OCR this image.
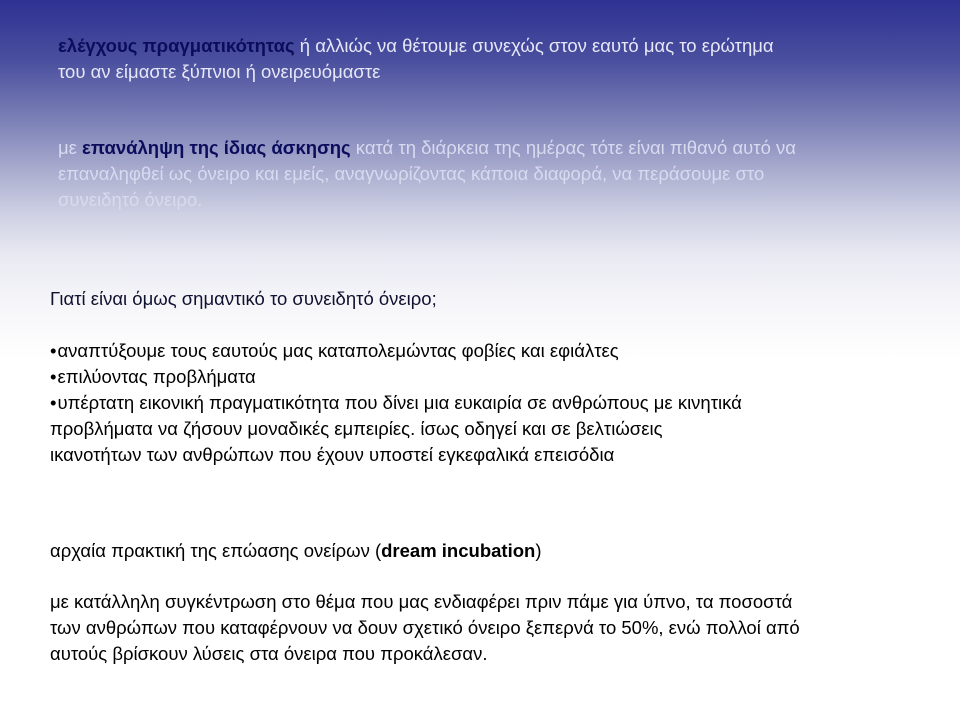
ελέγχους πραγματικότητας ή αλλιώς να θέτουμε συνεχώς στον εαυτό μας το ερώτημα
του αν είμαστε ξύπνιοι ή ονειρευόμαστε
με επανάληψη της ίδιας άσκησης κατά τη διάρκεια της ημέρας τότε είναι πιθανό αυτό να
επαναληφθεί ως όνειρο και εμείς, αναγνωρίζοντας κάποια διαφορά, να περάσουμε στο
συνειδητό όνειρο.
Γιατί είναι όμως σημαντικό το συνειδητό όνειρο;
• αναπτύξουμε τους εαυτούς μας καταπολεμώντας φοβίες και εφιάλτες
• επιλύοντας προβλήματα
• υπέρτατη εικονική πραγματικότητα που δίνει μια ευκαιρία σε ανθρώπους με κινητικά
προβλήματα να ζήσουν μοναδικές εμπειρίες. ίσως οδηγεί και σε βελτιώσεις
ικανοτήτων των ανθρώπων που έχουν υποστεί εγκεφαλικά επεισόδια
αρχαία πρακτική της επώασης ονείρων (dream incubation)
με κατάλληλη συγκέντρωση στο θέμα που μας ενδιαφέρει πριν πάμε για ύπνο, τα ποσοστά
των ανθρώπων που καταφέρνουν να δουν σχετικό όνειρο ξεπερνά το 50%, ενώ πολλοί από
αυτούς βρίσκουν λύσεις στα όνειρα που προκάλεσαν.
